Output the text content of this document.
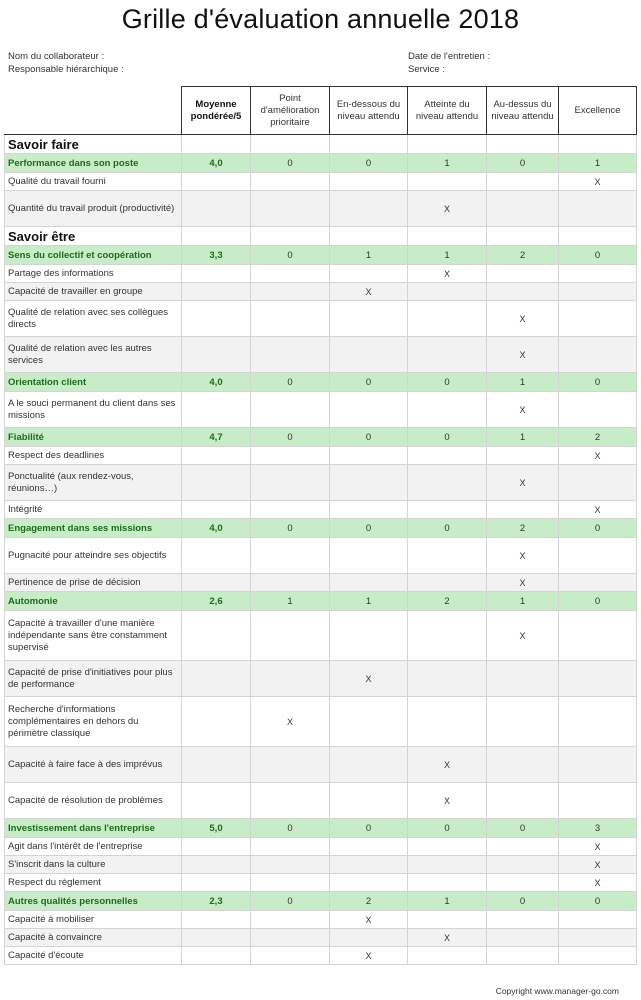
Grille d'évaluation annuelle 2018
Nom du collaborateur :
Responsable hiérarchique :
Date de l'entretien :
Service :
	Moyenne pondérée/5	Point d'amélioration prioritaire	En-dessous du niveau attendu	Atteinte du niveau attendu	Au-dessus du niveau attendu	Excellence
Savoir faire						
Performance dans son poste	4,0	0	0	1	0	1
Qualité du travail fourni						X
Quantité du travail produit (productivité)				X		
Savoir être						
Sens du collectif et coopération	3,3	0	1	1	2	0
Partage des informations				X		
Capacité de travailler en groupe			X			
Qualité de relation avec ses collègues directs					X	
Qualité de relation avec les autres services					X	
Orientation client	4,0	0	0	0	1	0
A le souci permanent du client dans ses missions					X	
Fiabilité	4,7	0	0	0	1	2
Respect des deadlines						X
Ponctualité (aux rendez-vous, réunions…)					X	
Intégrité						X
Engagement dans ses missions	4,0	0	0	0	2	0
Pugnacité pour atteindre ses objectifs					X	
Pertinence de prise de décision					X	
Automonie	2,6	1	1	2	1	0
Capacité à travailler d'une manière indépendante sans être constamment supervisé					X	
Capacité de prise d'initiatives pour plus de performance			X			
Recherche d'informations complémentaires en dehors du périmètre classique		X				
Capacité à faire face à des imprévus				X		
Capacité de résolution de problèmes				X		
Investissement dans l'entreprise	5,0	0	0	0	0	3
Agit dans l'intérêt de l'entreprise						X
S'inscrit dans la culture						X
Respect du règlement						X
Autres qualités personnelles	2,3	0	2	1	0	0
Capacité à mobiliser			X			
Capacité à convaincre				X		
Capacité d'écoute			X			
Copyright www.manager-go.com
